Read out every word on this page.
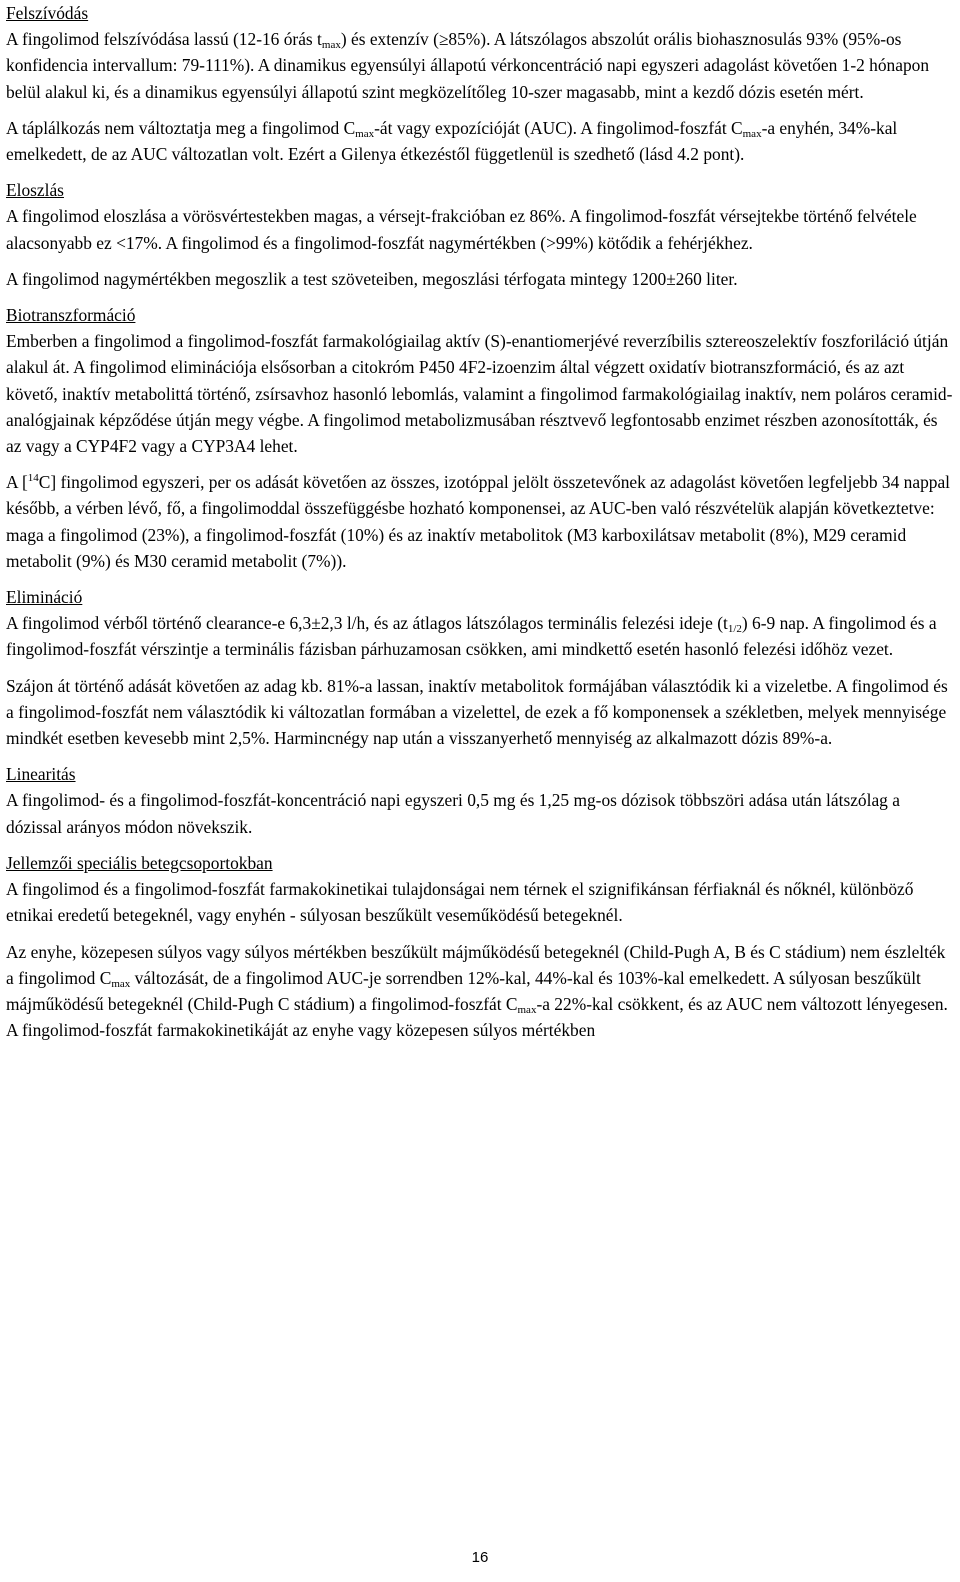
Felszívódás
A fingolimod felszívódása lassú (12-16 órás $t_{max}$) és extenzív (≥85%). A látszólagos abszolút orális biohasznosulás 93% (95%-os konfidencia intervallum: 79-111%). A dinamikus egyensúlyi állapotú vérkoncentráció napi egyszeri adagolást követően 1-2 hónapon belül alakul ki, és a dinamikus egyensúlyi állapotú szint megközelítőleg 10-szer magasabb, mint a kezdő dózis esetén mért.

A táplálkozás nem változtatja meg a fingolimod $C_{max}-át$ vagy expozícióját (AUC). A fingolimod-foszfát $C_{max}-a$ enyhén, 34%-kal emelkedett, de az AUC változatlan volt. Ezért a Gilenya étkezéstől függetlenül is szedhető (lásd 4.2 pont).

Eloszlás
A fingolimod eloszlása a vörösvértestekben magas, a vérsejt-frakcióban ez 86%. A fingolimod-foszfát vérsejtekbe történő felvétele alacsonyabb ez <17%. A fingolimod és a fingolimod-foszfát nagymértékben (>99%) kötődik a fehérjékhez.

A fingolimod nagymértékben megoszlik a test szöveteiben, megoszlási térfogata mintegy 1200±260 liter.

Biotranszformáció
Emberben a fingolimod a fingolimod-foszfát farmakológiailag aktív (S)-enantiomerjévé reverzíbilis sztereoszelektív foszforiláció útján alakul át. A fingolimod eliminációja elsősorban a citokróm P450 4F2-izoenzim által végzett oxidatív biotranszformáció, és az azt követő, inaktív metabolittá történő, zsírsavhoz hasonló lebomlás, valamint a fingolimod farmakológiailag inaktív, nem poláros ceramid-analógjainak képződése útján megy végbe. A fingolimod metabolizmusában résztvevő legfontosabb enzimet részben azonosították, és az vagy a CYP4F2 vagy a CYP3A4 lehet.

A [$^{14}$C] fingolimod egyszeri, per os adását követően az összes, izotóppal jelölt összetevőnek az adagolást követően legfeljebb 34 nappal később, a vérben lévő, fő, a fingolimoddal összefüggésbe hozható komponensei, az AUC-ben való részvételük alapján következtetve: maga a fingolimod (23%), a fingolimod-foszfát (10%) és az inaktív metabolitok (M3 karboxilátsav metabolit (8%), M29 ceramid metabolit (9%) és M30 ceramid metabolit (7%)).

Elimináció
A fingolimod vérből történő clearance-e 6,3±2,3 l/h, és az átlagos látszólagos terminális felezési ideje $(t_{1/2})$ 6-9 nap. A fingolimod és a fingolimod-foszfát vérszintje a terminális fázisban párhuzamosan csökken, ami mindkettő esetén hasonló felezési időhöz vezet.

Szájon át történő adását követően az adag kb. 81%-a lassan, inaktív metabolitok formájában választódik ki a vizeletbe. A fingolimod és a fingolimod-foszfát nem választódik ki változatlan formában a vizelettel, de ezek a fő komponensek a székletben, melyek mennyisége mindkét esetben kevesebb mint 2,5%. Harmincnégy nap után a visszanyerhető mennyiség az alkalmazott dózis 89%-a.

Linearitás
A fingolimod- és a fingolimod-foszfát-koncentráció napi egyszeri 0,5 mg és 1,25 mg-os dózisok többszöri adása után látszólag a dózissal arányos módon növekszik.

Jellemzői speciális betegcsoportokban
A fingolimod és a fingolimod-foszfát farmakokinetikai tulajdonságai nem térnek el szignifikánsan férfiaknál és nőknél, különböző etnikai eredetű betegeknél, vagy enyhén - súlyosan beszűkült veseműködésű betegeknél.

Az enyhe, közepesen súlyos vagy súlyos mértékben beszűkült májműködésű betegeknél (Child-Pugh A, B és C stádium) nem észlelték a fingolimod $C_{max}$ változását, de a fingolimod AUC-je sorrendben 12%-kal, 44%-kal és 103%-kal emelkedett. A súlyosan beszűkült májműködésű betegeknél (Child-Pugh C stádium) a fingolimod-foszfát $C_{max}-a$ 22%-kal csökkent, és az AUC nem változott lényegesen. A fingolimod-foszfát farmakokinetikáját az enyhe vagy közepesen súlyos mértékben

16
